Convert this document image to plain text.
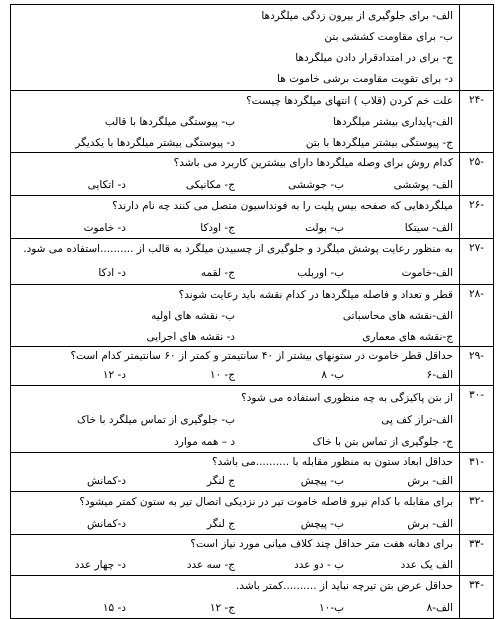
الف- برای جلوگیری از بیرون زدگی میلگردها
ب- برای مقاومت کششی بتن
ج- برای در امتدادقرار دادن میلگردها
د- برای تقویت مقاومت برشی خاموت ها	

علت خم کردن (قلاب ) انتهای میلگردها چیست؟
الف-پایداری بیشتر میلگردها
ب- پیوستگی میلگردها با قالب
ج- پیوستگی بیشتر میلگردها با بتن
د- پیوستگی بیشتر میلگردها با یکدیگر	۲۴-

کدام روش برای وصله میلگردها دارای بیشترین کاربرد می باشد؟
الف- پوششی
ب- جوششی
ج- مکانیکی
د- اتکایی	۲۵-

میلگردهایی که صفحه بیس پلیت را به فونداسیون متصل می کنند چه نام دارند؟
الف- سیتکا
ب- بولت
ج- اودکا
د- خاموت	۲۶-

به منظور رعایت پوشش میلگرد و جلوگیری از چسبیدن میلگرد به قالب از ..........استفاده می شود.
الف-خاموت
ب- اوربلب
ج- لقمه
د- ادکا	۲۷-

قطر و تعداد و فاصله میلگردها در کدام نقشه باید رعایت شوند؟
الف-نقشه های محاسباتی
ب- نقشه های اولیه
ج-نقشه های معماری
د- نقشه های اجرایی	۲۸-

حداقل قطر خاموت در ستونهای بیشتر از ۴۰ سانتیمتر و کمتر از ۶۰ سانتیمتر کدام است؟
الف-۶
ب- ۸
ج- ۱۰
د- ۱۲	۲۹-

از بتن پاکیزگی به چه منظوری استفاده می شود؟
الف-تراز کف پی
ب- جلوگیری از تماس میلگرد با خاک
ج- جلوگیری از تماس بتن با خاک
د – همه موارد	۳۰-

حداقل ابعاد ستون به منظور مقابله با ..........می باشد؟
الف- برش
ب- پیچش
ج لنگر
د-کمانش	۳۱-

برای مقابله با کدام نیرو فاصله خاموت تیر در نزدیکی اتصال تیر به ستون کمتر میشود؟
الف- برش
ب- پیچش
ج لنگر
د-کمانش	۳۲-

برای دهانه هفت متر حداقل چند کلاف میانی مورد نیاز است؟
الف یک عدد
ب - دو عدد
ج- سه عدد
د- چهار عدد	۳۳-

حداقل عرض بتن تیرچه نباید از ..........کمتر باشد.
الف-۸
ب-۱۰
ج- ۱۲
د- ۱۵	۳۴-
